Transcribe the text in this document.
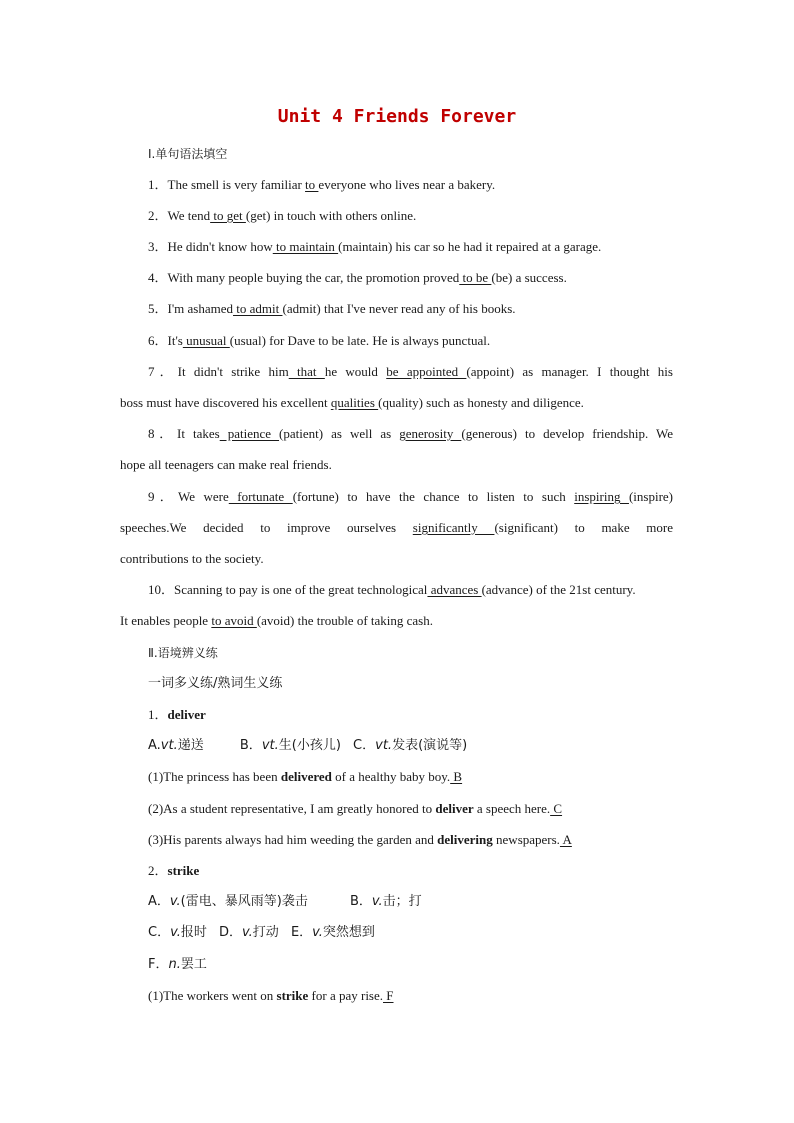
Unit 4 Friends Forever
Ⅰ.单句语法填空
1．The smell is very familiar to everyone who lives near a bakery.
2．We tend to get (get) in touch with others online.
3．He didn't know how to maintain (maintain) his car so he had it repaired at a garage.
4．With many people buying the car, the promotion proved to be (be) a success.
5．I'm ashamed to admit (admit) that I've never read any of his books.
6．It's unusual (usual) for Dave to be late. He is always punctual.
7．It didn't strike him that he would be appointed (appoint) as manager. I thought his
boss must have discovered his excellent qualities (quality) such as honesty and diligence.
8．It takes patience (patient) as well as generosity (generous) to develop friendship. We
hope all teenagers can make real friends.
9．We were fortunate (fortune) to have the chance to listen to such inspiring (inspire)
speeches.We decided to improve ourselves significantly (significant) to make more
contributions to the society.
10．Scanning to pay is one of the great technological advances (advance) of the 21st century.
It enables people to avoid (avoid) the trouble of taking cash.
Ⅱ.语境辨义练
一词多义练/熟词生义练
1．deliver
A.vt.递送	B．vt.生(小孩儿) C．vt.发表(演说等)
(1)The princess has been delivered of a healthy baby boy. B
(2)As a student representative, I am greatly honored to deliver a speech here. C
(3)His parents always had him weeding the garden and delivering newspapers. A
2．strike
A．v.(雷电、暴风雨等)袭击	B．v.击；打
C．v.报时 D．v.打动 E．v.突然想到
F．n.罢工
(1)The workers went on strike for a pay rise. F
